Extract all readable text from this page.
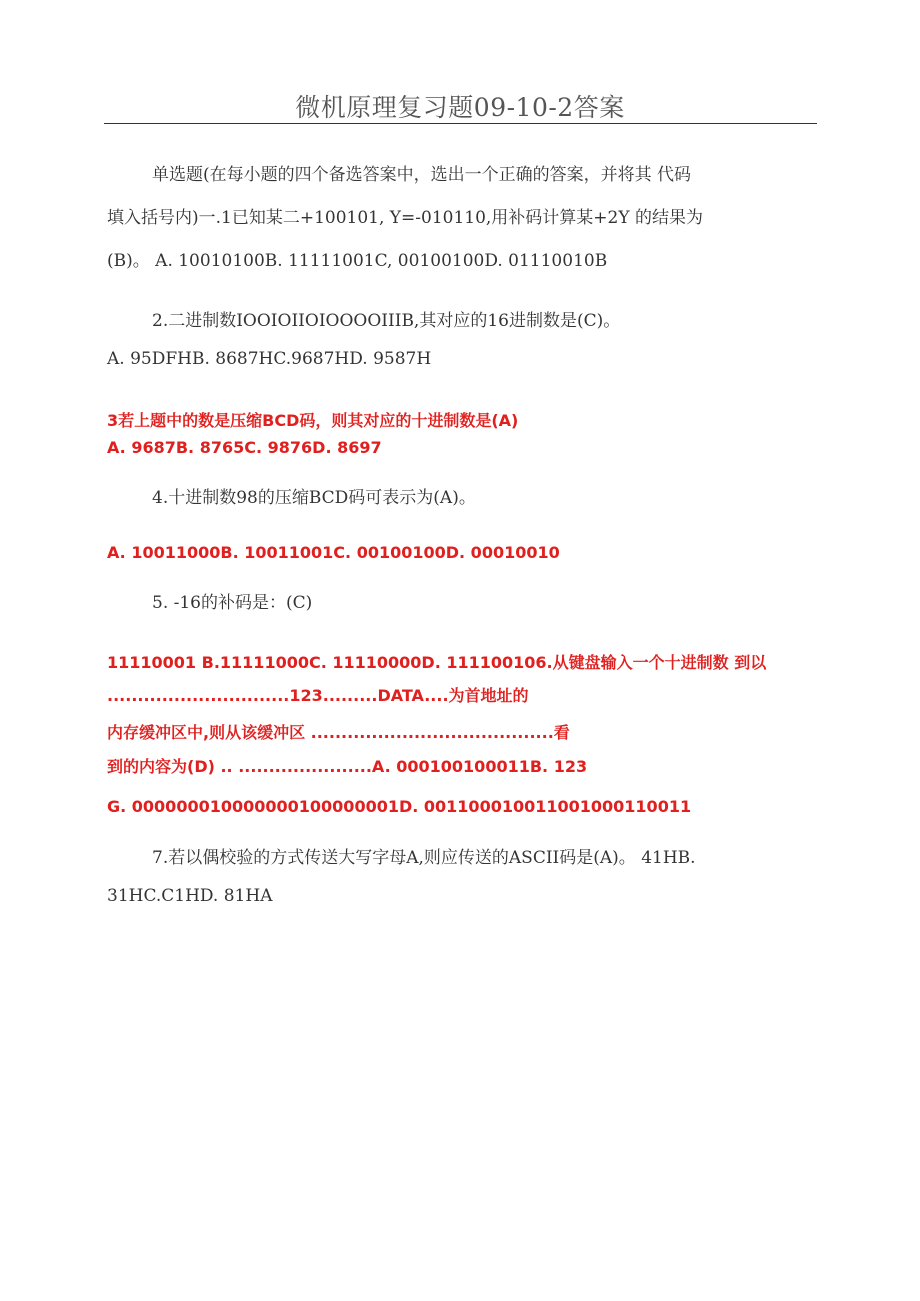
微机原理复习题09-10-2答案
单选题(在每小题的四个备选答案中，选出一个正确的答案，并将其 代码
填入括号内)一.1已知某二+100101, Y=-010110,用补码计算某+2Y 的结果为
(B)。 A. 10010100B. 11111001C, 00100100D. 01110010B
2.二进制数IOOIOIIOIOOOOIIIB,其对应的16进制数是(C)。
A. 95DFHB. 8687HC.9687HD. 9587H
3若上题中的数是压缩BCD码，则其对应的十进制数是(A)
A. 9687B. 8765C. 9876D. 8697
4.十进制数98的压缩BCD码可表示为(A)。
A. 10011000B. 10011001C. 00100100D. 00010010
5. -16的补码是：(C)
11110001 B.11111000C. 11110000D. 111100106.从键盘输入一个十进制数 到以
..............................123.........DATA....为首地址的
内存缓冲区中,则从该缓冲区 ........................................看
到的内容为(D) .. ......................A. 000100100011B. 123
G. 000000010000000100000001D. 001100010011001000110011
7.若以偶校验的方式传送大写字母A,则应传送的ASCII码是(A)。 41HB.
31HC.C1HD. 81HA
